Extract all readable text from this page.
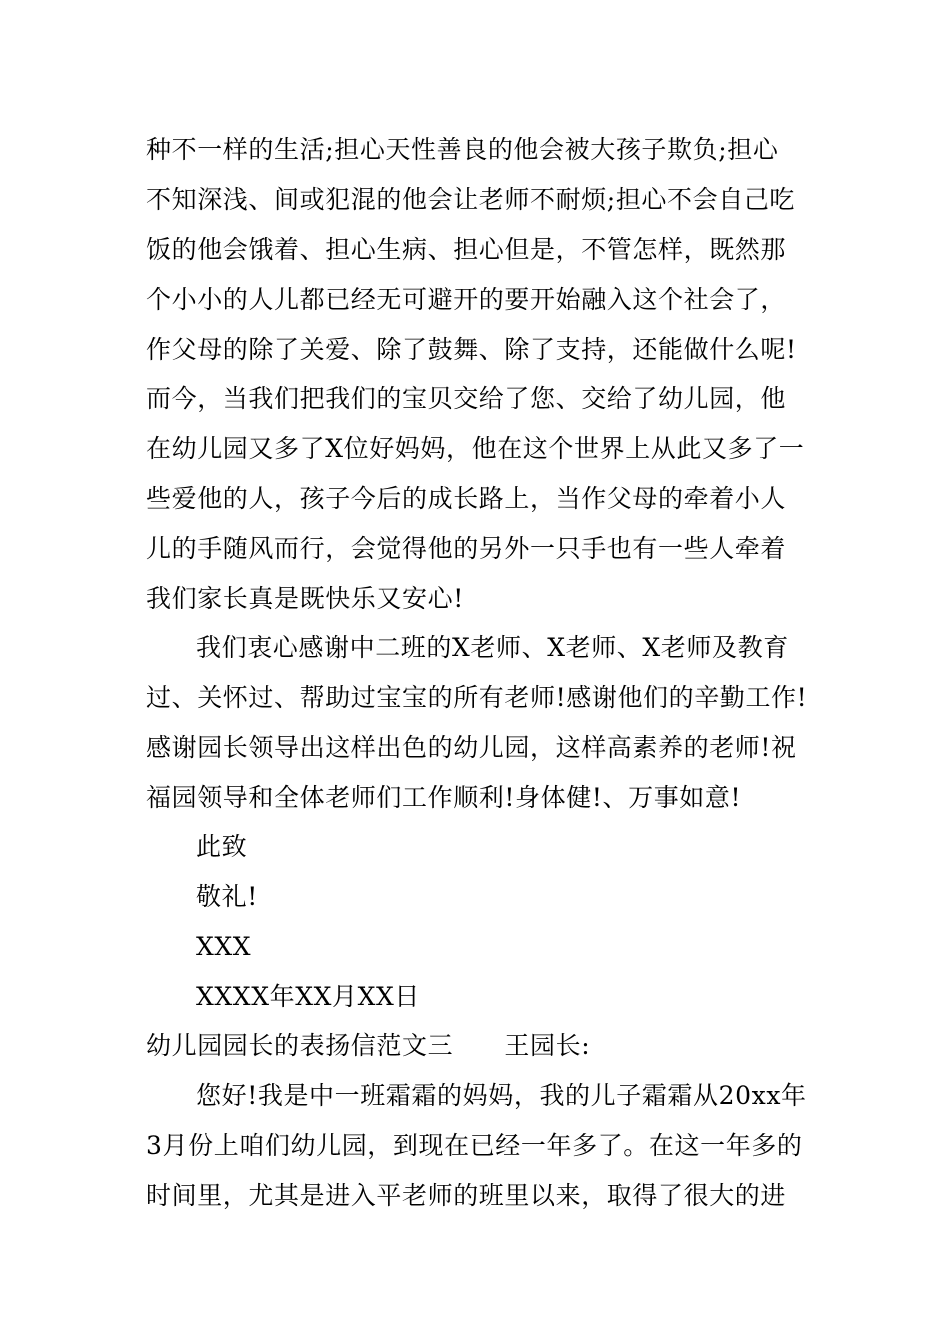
种不一样的生活;担心天性善良的他会被大孩子欺负;担心
不知深浅、间或犯混的他会让老师不耐烦;担心不会自己吃
饭的他会饿着、担心生病、担心但是，不管怎样，既然那
个小小的人儿都已经无可避开的要开始融入这个社会了，
作父母的除了关爱、除了鼓舞、除了支持，还能做什么呢!
而今，当我们把我们的宝贝交给了您、交给了幼儿园，他
在幼儿园又多了X位好妈妈，他在这个世界上从此又多了一
些爱他的人，孩子今后的成长路上，当作父母的牵着小人
儿的手随风而行，会觉得他的另外一只手也有一些人牵着
我们家长真是既快乐又安心!
我们衷心感谢中二班的X老师、X老师、X老师及教育
过、关怀过、帮助过宝宝的所有老师!感谢他们的辛勤工作!
感谢园长领导出这样出色的幼儿园，这样高素养的老师!祝
福园领导和全体老师们工作顺利!身体健!、万事如意!
此致
敬礼!
XXX
XXXX年XX月XX日
幼儿园园长的表扬信范文三　　王园长:
您好!我是中一班霜霜的妈妈，我的儿子霜霜从20xx年
3月份上咱们幼儿园，到现在已经一年多了。在这一年多的
时间里，尤其是进入平老师的班里以来，取得了很大的进
